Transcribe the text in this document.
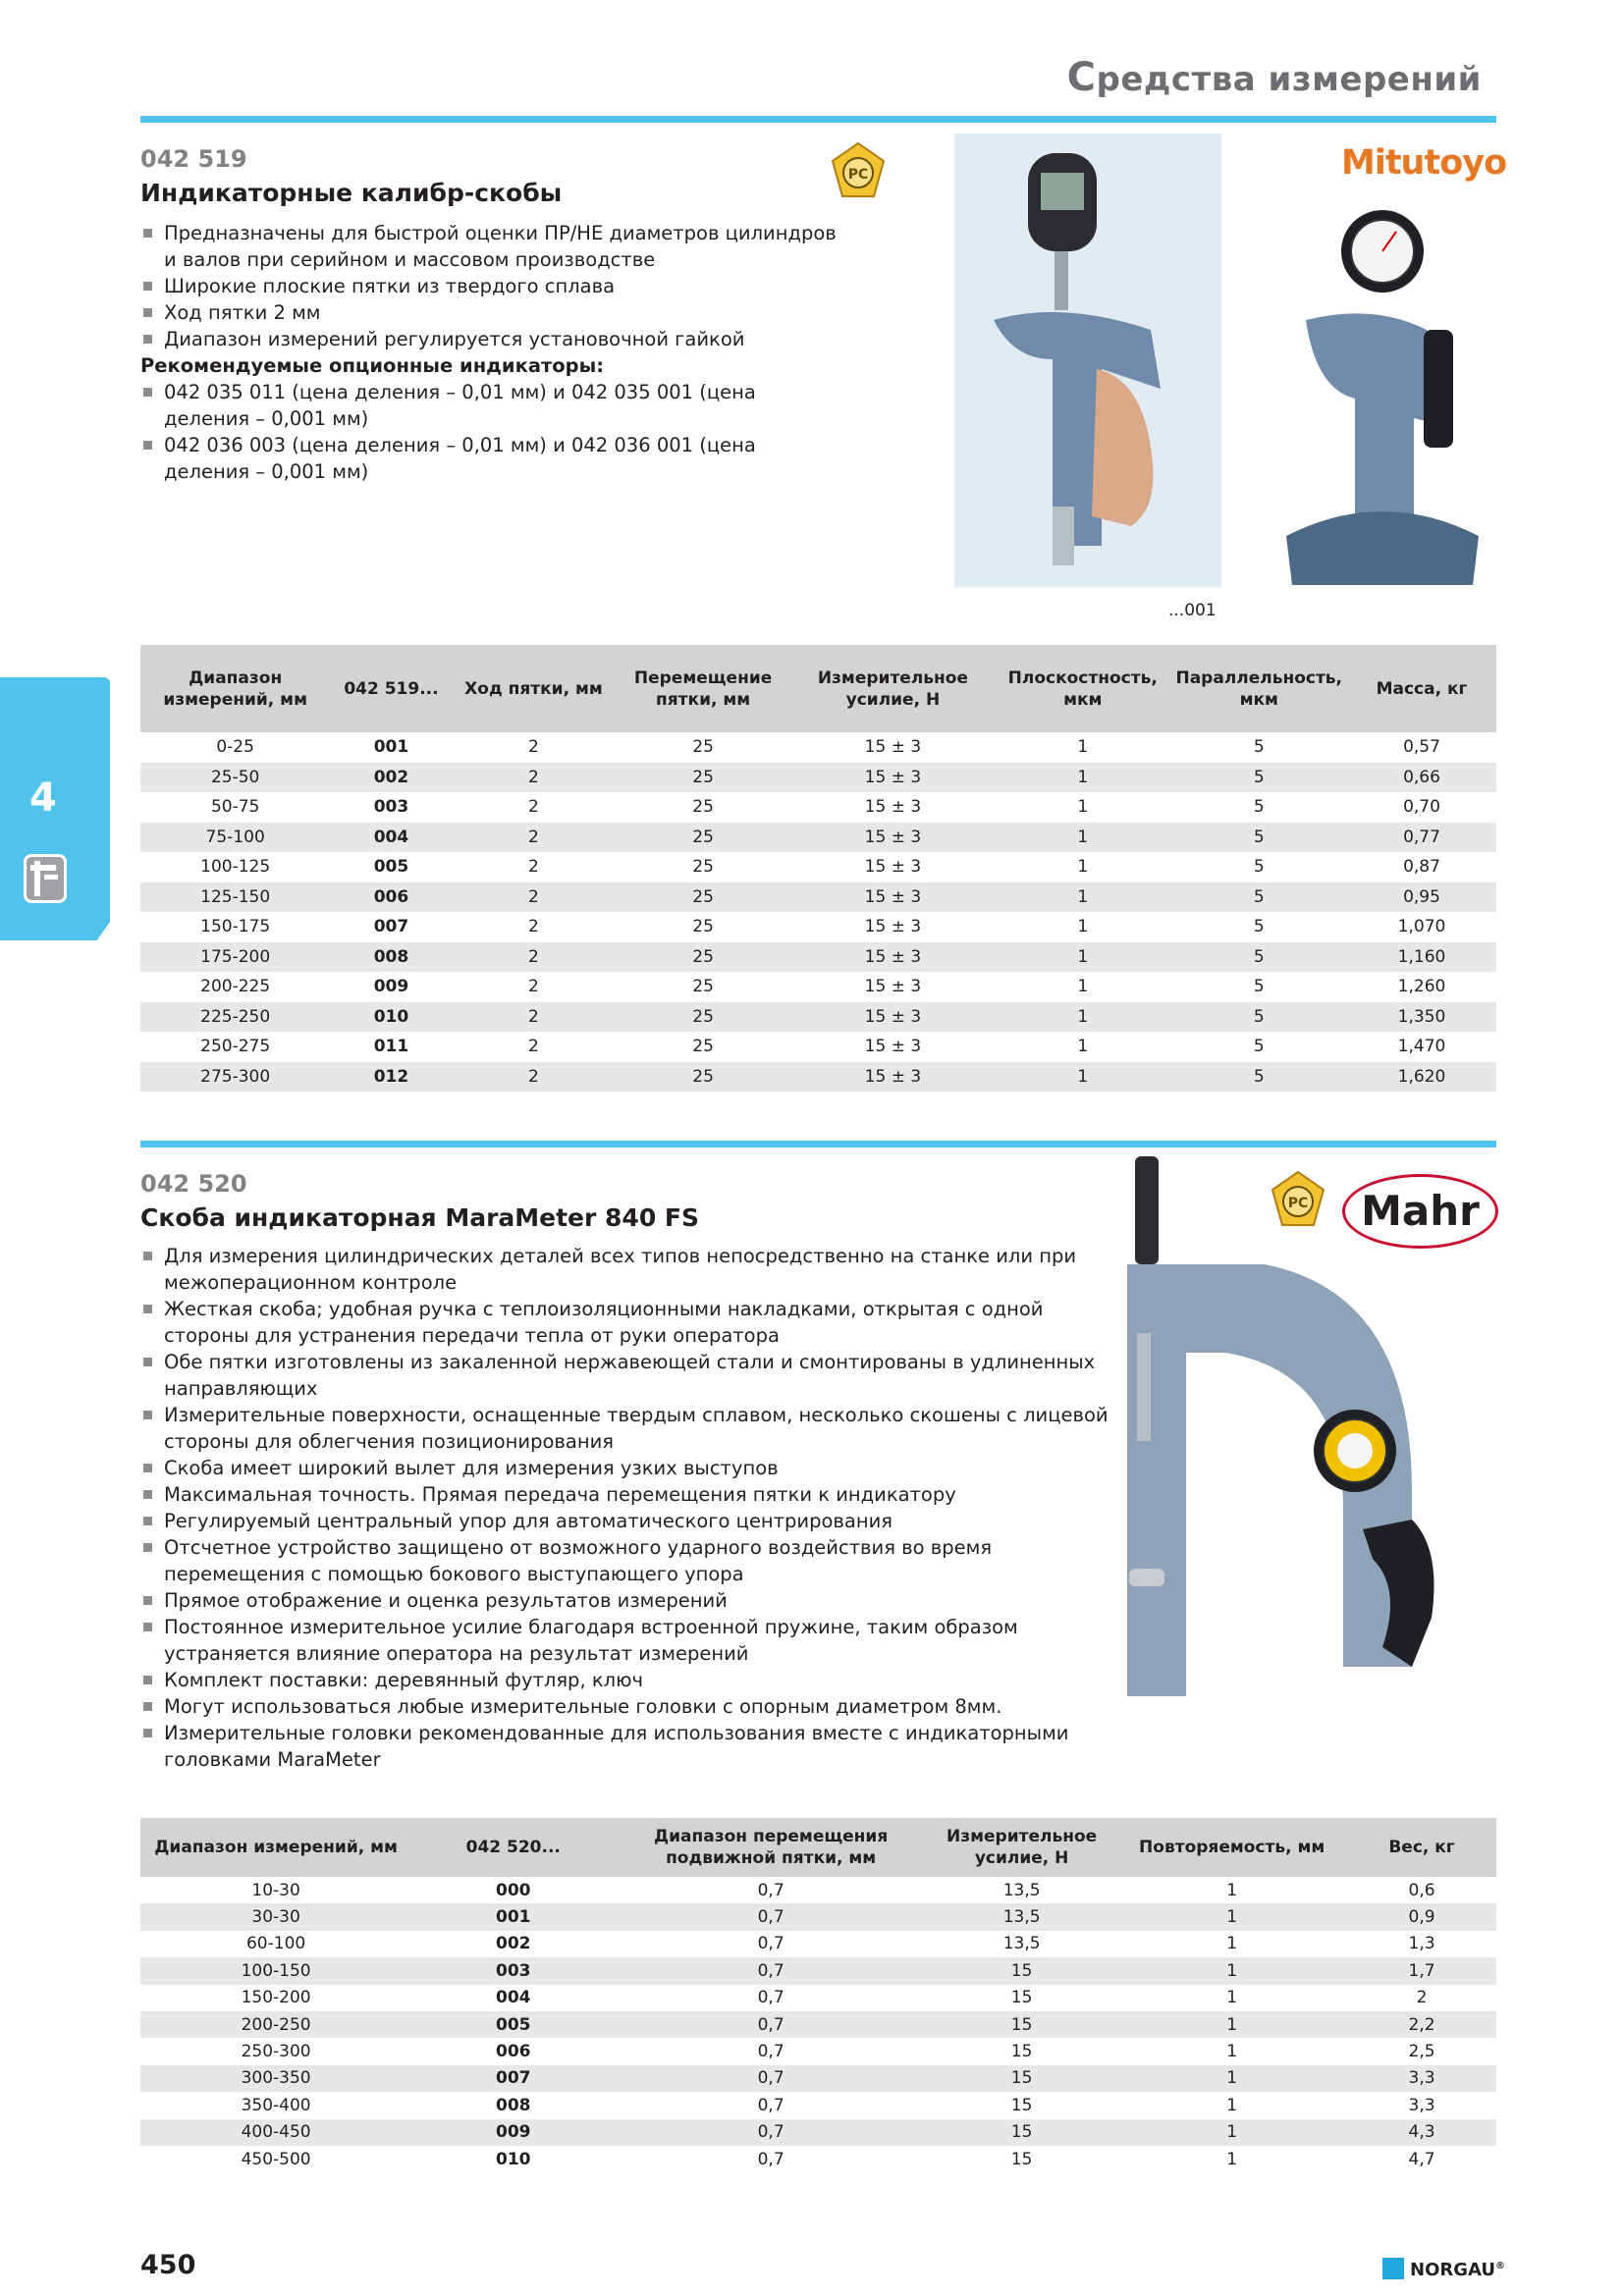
Средства измерений
042 519
Индикаторные калибр-скобы
PC
Предназначены для быстрой оценки ПР/НЕ диаметров цилиндров и валов при серийном и массовом производстве
Широкие плоские пятки из твердого сплава
Ход пятки 2 мм
Диапазон измерений регулируется установочной гайкой
Рекомендуемые опционные индикаторы:
042 035 011 (цена деления – 0,01 мм) и 042 035 001 (цена деления – 0,001 мм)
042 036 003 (цена деления – 0,01 мм) и 042 036 001 (цена деления – 0,001 мм)
Mitutoyo
...001
4
Диапазон измерений, мм	042 519...	Ход пятки, мм	Перемещение пятки, мм	Измерительное усилие, Н	Плоскостность, мкм	Параллельность, мкм	Масса, кг
0-25	001	2	25	15 ± 3	1	5	0,57
25-50	002	2	25	15 ± 3	1	5	0,66
50-75	003	2	25	15 ± 3	1	5	0,70
75-100	004	2	25	15 ± 3	1	5	0,77
100-125	005	2	25	15 ± 3	1	5	0,87
125-150	006	2	25	15 ± 3	1	5	0,95
150-175	007	2	25	15 ± 3	1	5	1,070
175-200	008	2	25	15 ± 3	1	5	1,160
200-225	009	2	25	15 ± 3	1	5	1,260
225-250	010	2	25	15 ± 3	1	5	1,350
250-275	011	2	25	15 ± 3	1	5	1,470
275-300	012	2	25	15 ± 3	1	5	1,620
042 520
Скоба индикаторная MaraMeter 840 FS	PC	Mahr
Для измерения цилиндрических деталей всех типов непосредственно на станке или при межоперационном контроле
Жесткая скоба; удобная ручка с теплоизоляционными накладками, открытая с одной стороны для устранения передачи тепла от руки оператора
Обе пятки изготовлены из закаленной нержавеющей стали и смонтированы в удлиненных направляющих
Измерительные поверхности, оснащенные твердым сплавом, несколько скошены с лицевой стороны для облегчения позиционирования
Скоба имеет широкий вылет для измерения узких выступов
Максимальная точность. Прямая передача перемещения пятки к индикатору
Регулируемый центральный упор для автоматического центрирования
Отсчетное устройство защищено от возможного ударного воздействия во время перемещения с помощью бокового выступающего упора
Прямое отображение и оценка результатов измерений
Постоянное измерительное усилие благодаря встроенной пружине, таким образом устраняется влияние оператора на результат измерений
Комплект поставки: деревянный футляр, ключ
Могут использоваться любые измерительные головки с опорным диаметром 8мм.
Измерительные головки рекомендованные для использования вместе с индикаторными головками MaraMeter
Диапазон измерений, мм	042 520...	Диапазон перемещения подвижной пятки, мм	Измерительное усилие, Н	Повторяемость, мм	Вес, кг
10-30	000	0,7	13,5	1	0,6
30-30	001	0,7	13,5	1	0,9
60-100	002	0,7	13,5	1	1,3
100-150	003	0,7	15	1	1,7
150-200	004	0,7	15	1	2
200-250	005	0,7	15	1	2,2
250-300	006	0,7	15	1	2,5
300-350	007	0,7	15	1	3,3
350-400	008	0,7	15	1	3,3
400-450	009	0,7	15	1	4,3
450-500	010	0,7	15	1	4,7
450	NORGAU®
